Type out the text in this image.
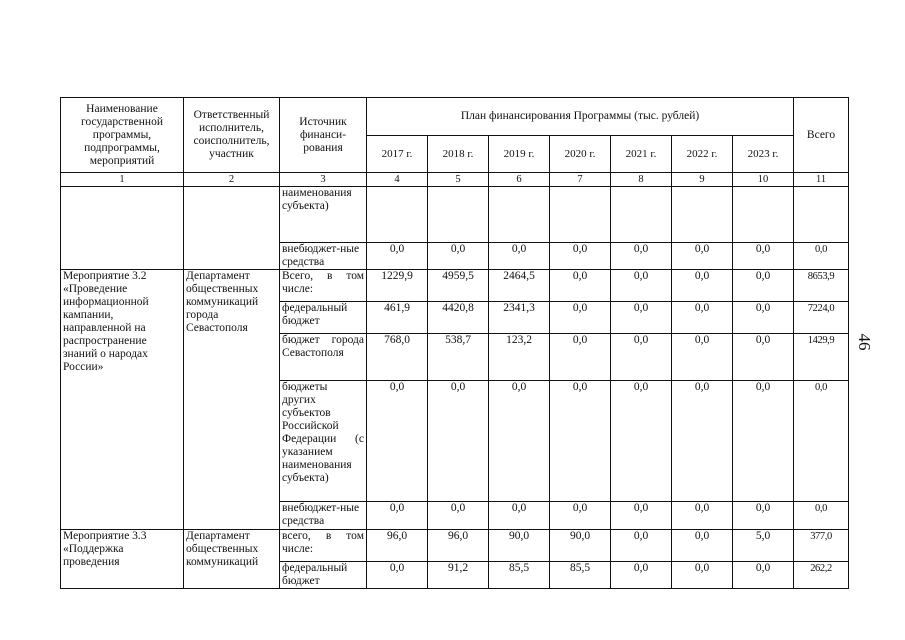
46
Наименование государственной программы, подпрограммы, мероприятий	Ответственный исполнитель, соисполнитель, участник	Источник финанси-рования	План финансирования Программы (тыс. рублей)							Всего
			2017 г.	2018 г.	2019 г.	2020 г.	2021 г.	2022 г.	2023 г.	
1	2	3	4	5	6	7	8	9	10	11
		наименования субъекта)								
		внебюджет-ные средства	0,0	0,0	0,0	0,0	0,0	0,0	0,0	0,0
Мероприятие 3.2 «Проведение информационной кампании, направленной на распространение знаний о народах России»	Департамент общественных коммуникаций города Севастополя	Всего, в том числе:	1229,9	4959,5	2464,5	0,0	0,0	0,0	0,0	8653,9
		федеральный бюджет	461,9	4420,8	2341,3	0,0	0,0	0,0	0,0	7224,0
		бюджет города Севастополя	768,0	538,7	123,2	0,0	0,0	0,0	0,0	1429,9
		бюджеты других субъектов Российской Федерации (с указанием наименования субъекта)	0,0	0,0	0,0	0,0	0,0	0,0	0,0	0,0
		внебюджет-ные средства	0,0	0,0	0,0	0,0	0,0	0,0	0,0	0,0
Мероприятие 3.3 «Поддержка проведения	Департамент общественных коммуникаций	всего, в том числе:	96,0	96,0	90,0	90,0	0,0	0,0	5,0	377,0
		федеральный бюджет	0,0	91,2	85,5	85,5	0,0	0,0	0,0	262,2
